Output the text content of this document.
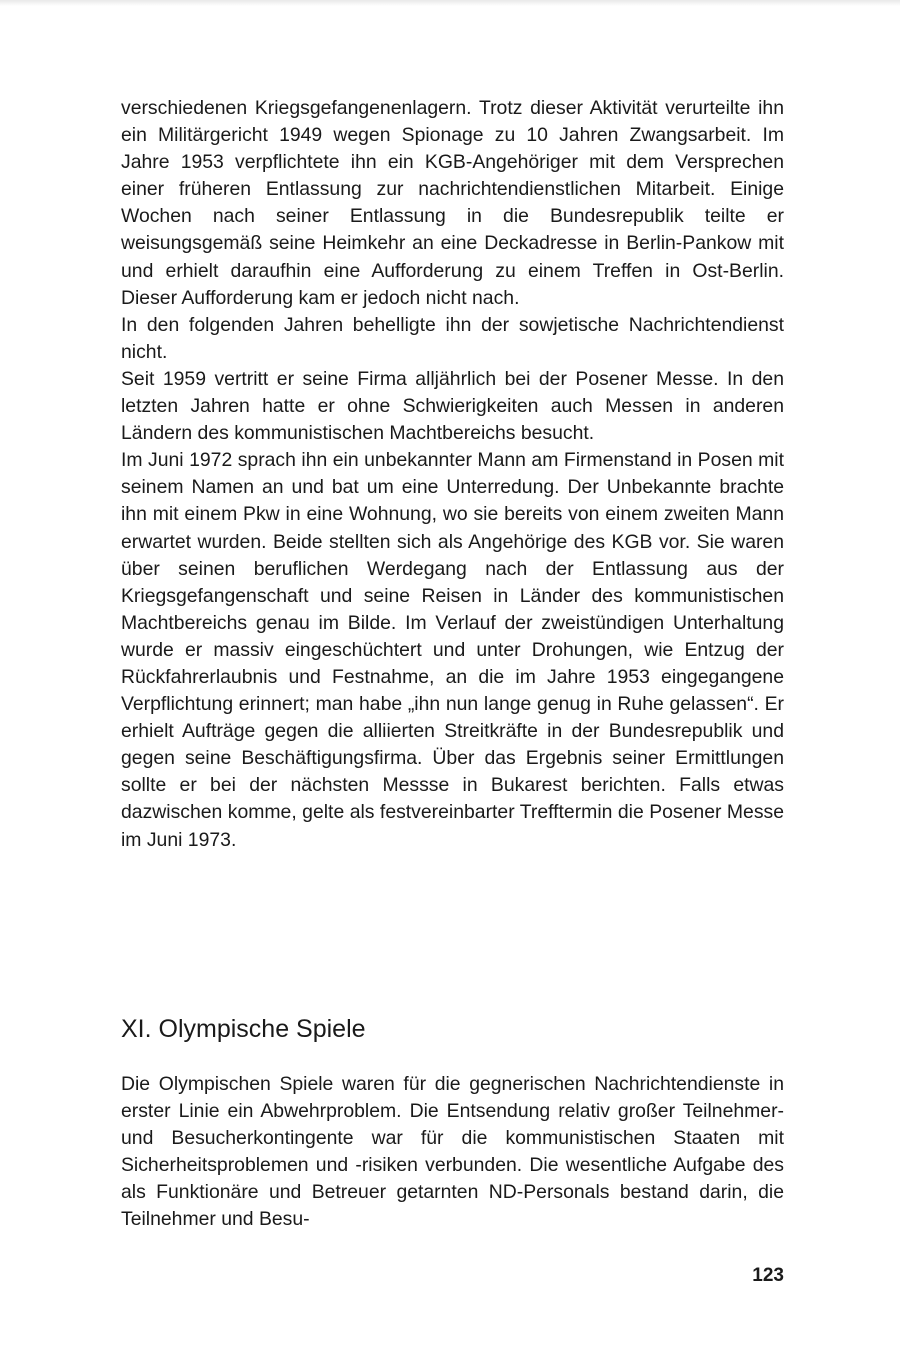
verschiedenen Kriegsgefangenenlagern. Trotz dieser Aktivität verurteilte ihn ein Militärgericht 1949 wegen Spionage zu 10 Jahren Zwangsarbeit. Im Jahre 1953 verpflichtete ihn ein KGB-Angehöriger mit dem Versprechen einer früheren Entlassung zur nachrichtendienstlichen Mitarbeit. Einige Wochen nach seiner Entlassung in die Bundesrepublik teilte er weisungsgemäß seine Heimkehr an eine Deckadresse in Berlin-Pankow mit und erhielt daraufhin eine Aufforderung zu einem Treffen in Ost-Berlin. Dieser Aufforderung kam er jedoch nicht nach.

In den folgenden Jahren behelligte ihn der sowjetische Nachrichtendienst nicht.

Seit 1959 vertritt er seine Firma alljährlich bei der Posener Messe. In den letzten Jahren hatte er ohne Schwierigkeiten auch Messen in anderen Ländern des kommunistischen Machtbereichs besucht.

Im Juni 1972 sprach ihn ein unbekannter Mann am Firmenstand in Posen mit seinem Namen an und bat um eine Unterredung. Der Unbekannte brachte ihn mit einem Pkw in eine Wohnung, wo sie bereits von einem zweiten Mann erwartet wurden. Beide stellten sich als Angehörige des KGB vor. Sie waren über seinen beruflichen Werdegang nach der Entlassung aus der Kriegsgefangenschaft und seine Reisen in Länder des kommunistischen Machtbereichs genau im Bilde. Im Verlauf der zweistündigen Unterhaltung wurde er massiv eingeschüchtert und unter Drohungen, wie Entzug der Rückfahrerlaubnis und Festnahme, an die im Jahre 1953 eingegangene Verpflichtung erinnert; man habe „ihn nun lange genug in Ruhe gelassen“. Er erhielt Aufträge gegen die alliierten Streitkräfte in der Bundesrepublik und gegen seine Beschäftigungsfirma. Über das Ergebnis seiner Ermittlungen sollte er bei der nächsten Messse in Bukarest berichten. Falls etwas dazwischen komme, gelte als festvereinbarter Trefftermin die Posener Messe im Juni 1973.

XI. Olympische Spiele

Die Olympischen Spiele waren für die gegnerischen Nachrichtendienste in erster Linie ein Abwehrproblem. Die Entsendung relativ großer Teilnehmer- und Besucherkontingente war für die kommunistischen Staaten mit Sicherheitsproblemen und -risiken verbunden. Die wesentliche Aufgabe des als Funktionäre und Betreuer getarnten ND-Personals bestand darin, die Teilnehmer und Besu-

123
